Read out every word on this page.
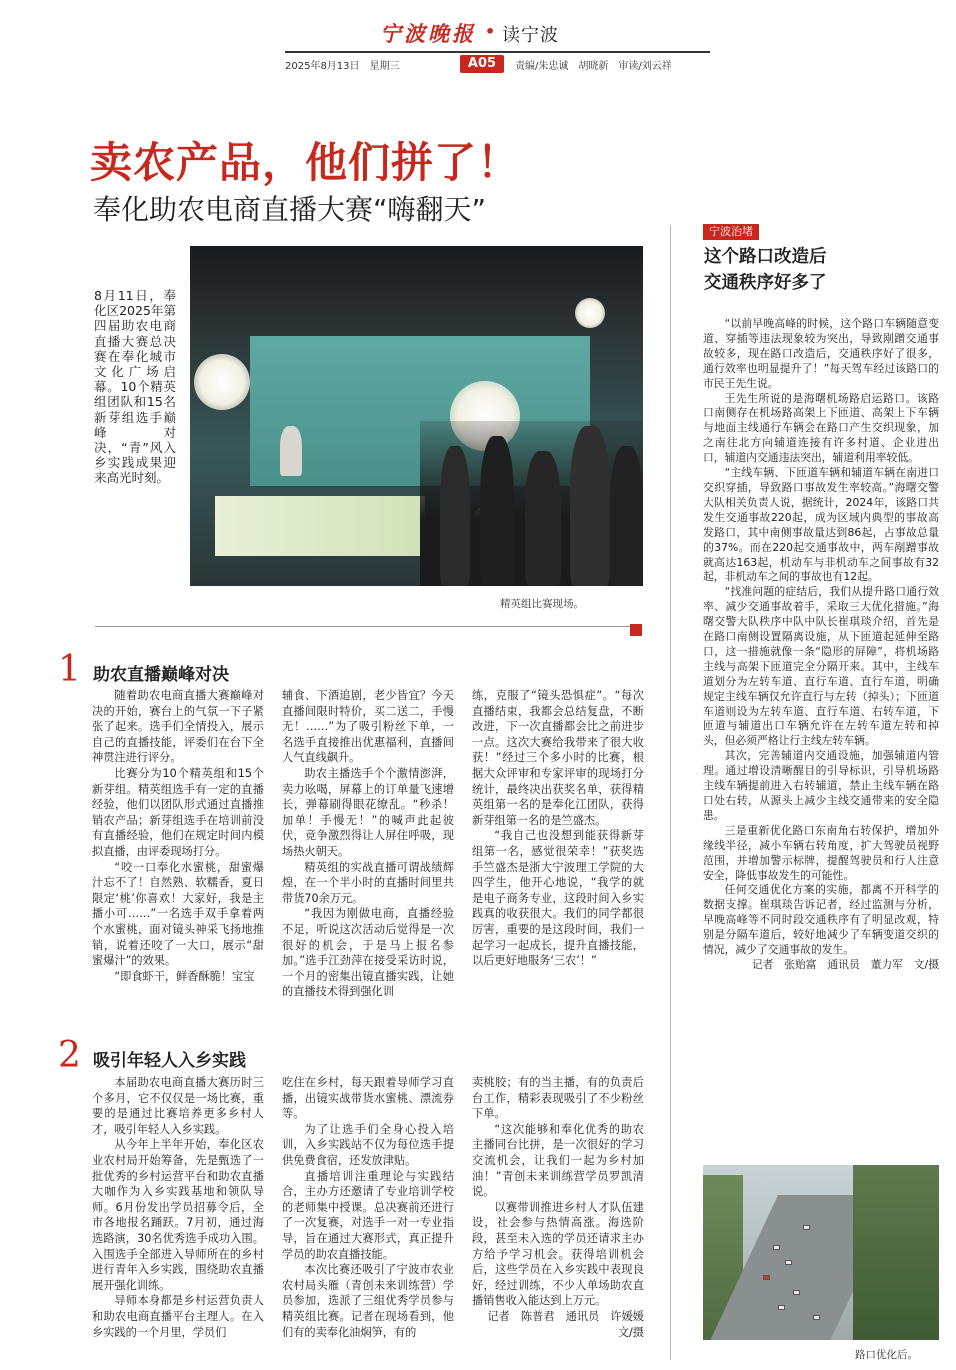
宁波晚报 • 读宁波
2025年8月13日　星期三	A05	责编/朱忠诚　胡晓新　审读/刘云祥
卖农产品，他们拼了！
奉化助农电商直播大赛“嗨翻天”
8月11日，奉化区2025年第四届助农电商直播大赛总决赛在奉化城市文化广场启幕。10个精英组团队和15名新芽组选手巅峰对决，“青”风入乡实践成果迎来高光时刻。
精英组比赛现场。
1 助农直播巅峰对决

随着助农电商直播大赛巅峰对决的开始，赛台上的气氛一下子紧张了起来。选手们全情投入，展示自己的直播技能，评委们在台下全神贯注进行评分。

比赛分为10个精英组和15个新芽组。精英组选手有一定的直播经验，他们以团队形式通过直播推销农产品；新芽组选手在培训前没有直播经验，他们在规定时间内模拟直播，由评委现场打分。

“咬一口奉化水蜜桃，甜蜜爆汁忘不了！自然熟、软糯香，夏日限定‘桃’你喜欢！大家好，我是主播小可……”一名选手双手拿着两个水蜜桃，面对镜头神采飞扬地推销，说着还咬了一大口，展示“甜蜜爆汁”的效果。

“即食虾干，鲜香酥脆！宝宝

辅食、下酒追剧，老少皆宜？今天直播间限时特价，买二送二，手慢无！……”为了吸引粉丝下单，一名选手直接推出优惠福利，直播间人气直线飙升。

助农主播选手个个激情澎湃，卖力吆喝，屏幕上的订单量飞速增长，弹幕刷得眼花缭乱。“秒杀！加单！手慢无！”的喊声此起彼伏，竞争激烈得让人屏住呼吸，现场热火朝天。

精英组的实战直播可谓战绩辉煌，在一个半小时的直播时间里共带货70余万元。

“我因为刚做电商，直播经验不足，听说这次活动后觉得是一次很好的机会，于是马上报名参加。”选手江劲萍在接受采访时说，一个月的密集出镜直播实践，让她的直播技术得到强化训

练，克服了“镜头恐惧症”。“每次直播结束，我都会总结复盘，不断改进，下一次直播都会比之前进步一点。这次大赛给我带来了很大收获！”经过三个多小时的比赛，根据大众评审和专家评审的现场打分统计，最终决出获奖名单，获得精英组第一名的是奉化江团队，获得新芽组第一名的是竺盛杰。

“我自己也没想到能获得新芽组第一名，感觉很荣幸！”获奖选手竺盛杰是浙大宁波理工学院的大四学生，他开心地说，“我学的就是电子商务专业，这段时间入乡实践真的收获很大。我们的同学都很厉害，重要的是这段时间，我们一起学习一起成长，提升直播技能，以后更好地服务‘三农’！”

2 吸引年轻人入乡实践

本届助农电商直播大赛历时三个多月，它不仅仅是一场比赛，重要的是通过比赛培养更多乡村人才，吸引年轻人入乡实践。

从今年上半年开始，奉化区农业农村局开始筹备，先是甄选了一批优秀的乡村运营平台和助农直播大咖作为入乡实践基地和领队导师。6月份发出学员招募令后，全市各地报名踊跃。7月初，通过海选路演，30名优秀选手成功入围。入围选手全部进入导师所在的乡村进行青年入乡实践，围绕助农直播展开强化训练。

导师本身都是乡村运营负责人和助农电商直播平台主理人。在入乡实践的一个月里，学员们

吃住在乡村，每天跟着导师学习直播，出镜实战带货水蜜桃、漂流券等。

为了让选手们全身心投入培训，入乡实践站不仅为每位选手提供免费食宿，还发放津贴。

直播培训注重理论与实践结合，主办方还邀请了专业培训学校的老师集中授课。总决赛前还进行了一次复赛，对选手一对一专业指导，旨在通过大赛形式，真正提升学员的助农直播技能。

本次比赛还吸引了宁波市农业农村局头雁（青创未来训练营）学员参加，选派了三组优秀学员参与精英组比赛。记者在现场看到，他们有的卖奉化油焖笋，有的

卖桃胶；有的当主播，有的负责后台工作，精彩表现吸引了不少粉丝下单。

“这次能够和奉化优秀的助农主播同台比拼，是一次很好的学习交流机会，让我们一起为乡村加油！”青创未来训练营学员罗凯清说。

以赛带训推进乡村人才队伍建设，社会参与热情高涨。海选阶段，甚至未入选的学员还请求主办方给予学习机会。获得培训机会后，这些学员在入乡实践中表现良好，经过训练，不少人单场助农直播销售收入能达到上万元。

记者　陈普君　通讯员　许媛媛　文/摄

宁波治堵
这个路口改造后
交通秩序好多了

“以前早晚高峰的时候，这个路口车辆随意变道、穿插等违法现象较为突出，导致剐蹭交通事故较多，现在路口改造后，交通秩序好了很多，通行效率也明显提升了！”每天驾车经过该路口的市民王先生说。

王先生所说的是海曙机场路启运路口。该路口南侧存在机场路高架上下匝道、高架上下车辆与地面主线通行车辆会在路口产生交织现象，加之南往北方向辅道连接有许多村道、企业进出口，辅道内交通违法突出，辅道利用率较低。

“主线车辆、下匝道车辆和辅道车辆在南进口交织穿插，导致路口事故发生率较高。”海曙交警大队相关负责人说，据统计，2024年，该路口共发生交通事故220起，成为区域内典型的事故高发路口，其中南侧事故量达到86起，占事故总量的37%。而在220起交通事故中，两车剐蹭事故就高达163起，机动车与非机动车之间事故有32起，非机动车之间的事故也有12起。

“找准问题的症结后，我们从提升路口通行效率、减少交通事故着手，采取三大优化措施。”海曙交警大队秩序中队中队长崔琪琰介绍，首先是在路口南侧设置隔离设施，从下匝道起延伸至路口，这一措施就像一条“隐形的屏障”，将机场路主线与高架下匝道完全分隔开来。其中，主线车道划分为左转车道、直行车道、直行车道，明确规定主线车辆仅允许直行与左转（掉头）；下匝道车道则设为左转车道、直行车道、右转车道，下匝道与辅道出口车辆允许在左转车道左转和掉头，但必须严格让行主线左转车辆。

其次，完善辅道内交通设施，加强辅道内管理。通过增设清晰醒目的引导标识，引导机场路主线车辆提前进入右转辅道，禁止主线车辆在路口处右转，从源头上减少主线交通带来的安全隐患。

三是重新优化路口东南角右转保护，增加外缘线半径，减小车辆右转角度，扩大驾驶员视野范围，并增加警示标牌，提醒驾驶员和行人注意安全，降低事故发生的可能性。

任何交通优化方案的实施，都离不开科学的数据支撑。崔琪琰告诉记者，经过监测与分析，早晚高峰等不同时段交通秩序有了明显改观，特别是分隔车道后，较好地减少了车辆变道交织的情况，减少了交通事故的发生。

记者　张贻富　通讯员　董力军　文/摄

路口优化后。
